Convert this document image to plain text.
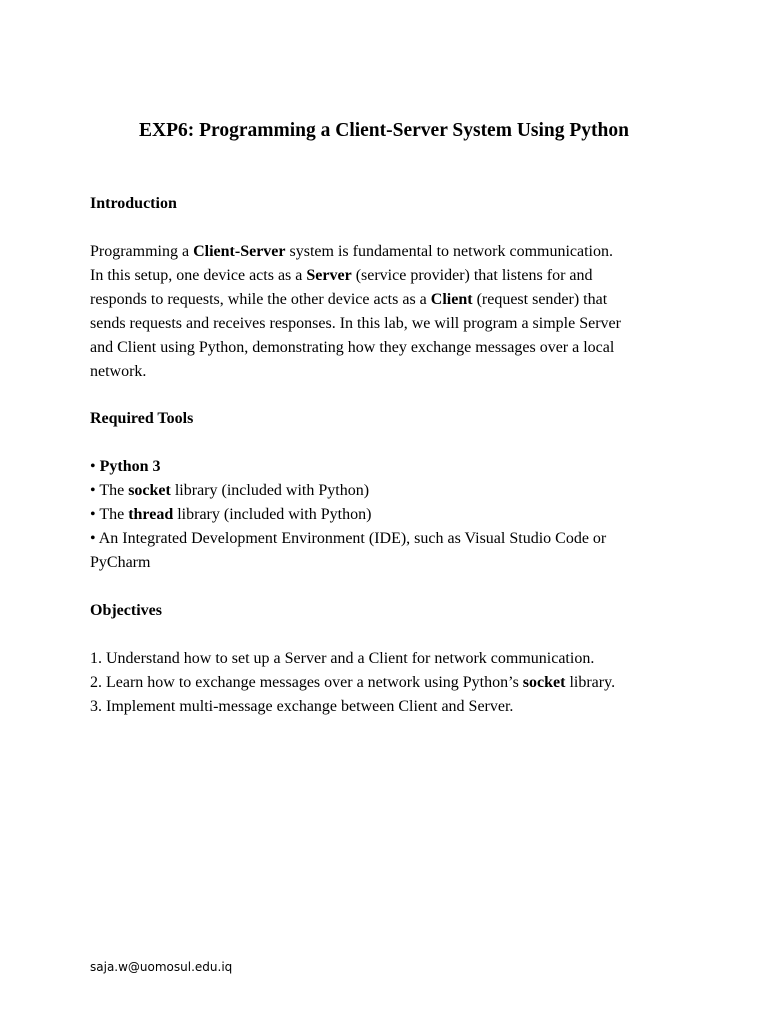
EXP6: Programming a Client-Server System Using Python
Introduction

Programming a Client-Server system is fundamental to network communication.
In this setup, one device acts as a Server (service provider) that listens for and
responds to requests, while the other device acts as a Client (request sender) that
sends requests and receives responses. In this lab, we will program a simple Server
and Client using Python, demonstrating how they exchange messages over a local
network.

Required Tools
• Python 3
• The socket library (included with Python)
• The thread library (included with Python)
• An Integrated Development Environment (IDE), such as Visual Studio Code or
PyCharm
Objectives
1. Understand how to set up a Server and a Client for network communication.
2. Learn how to exchange messages over a network using Python’s socket library.
3. Implement multi-message exchange between Client and Server.
saja.w@uomosul.edu.iq
